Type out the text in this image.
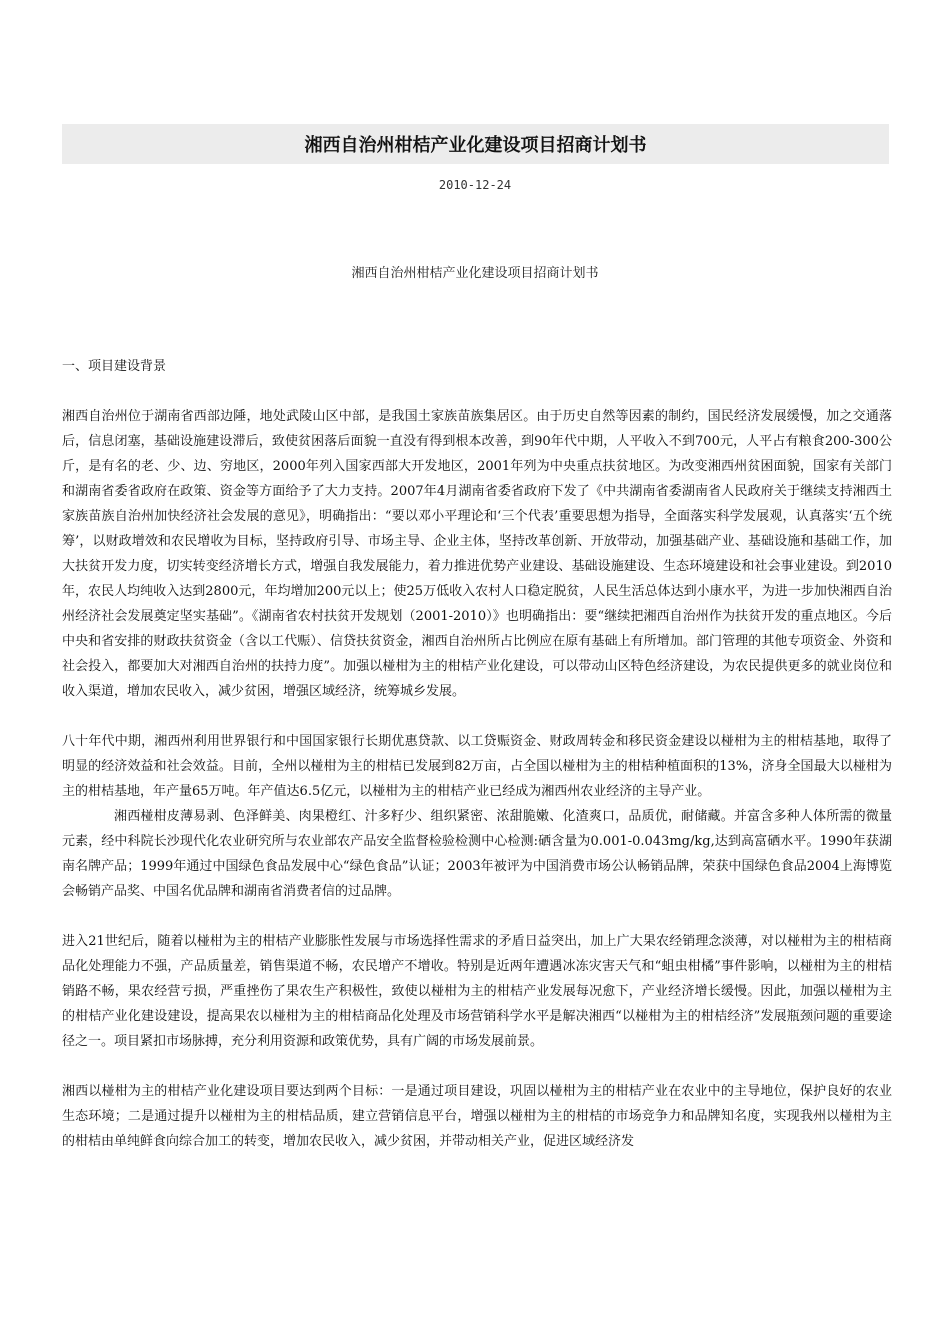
湘西自治州柑桔产业化建设项目招商计划书
2010-12-24
湘西自治州柑桔产业化建设项目招商计划书

一、项目建设背景

湘西自治州位于湖南省西部边陲，地处武陵山区中部，是我国土家族苗族集居区。由于历史自然等因素的制约，国民经济发展缓慢，加之交通落后，信息闭塞，基础设施建设滞后，致使贫困落后面貌一直没有得到根本改善，到90年代中期，人平收入不到700元，人平占有粮食200-300公斤，是有名的老、少、边、穷地区，2000年列入国家西部大开发地区，2001年列为中央重点扶贫地区。为改变湘西州贫困面貌，国家有关部门和湖南省委省政府在政策、资金等方面给予了大力支持。2007年4月湖南省委省政府下发了《中共湖南省委湖南省人民政府关于继续支持湘西土家族苗族自治州加快经济社会发展的意见》，明确指出：“要以邓小平理论和‘三个代表’重要思想为指导，全面落实科学发展观，认真落实‘五个统筹’，以财政增效和农民增收为目标，坚持政府引导、市场主导、企业主体，坚持改革创新、开放带动，加强基础产业、基础设施和基础工作，加大扶贫开发力度，切实转变经济增长方式，增强自我发展能力，着力推进优势产业建设、基础设施建设、生态环境建设和社会事业建设。到2010年，农民人均纯收入达到2800元，年均增加200元以上；使25万低收入农村人口稳定脱贫，人民生活总体达到小康水平，为进一步加快湘西自治州经济社会发展奠定坚实基础”。《湖南省农村扶贫开发规划（2001-2010）》也明确指出：要“继续把湘西自治州作为扶贫开发的重点地区。今后中央和省安排的财政扶贫资金（含以工代赈）、信贷扶贫资金，湘西自治州所占比例应在原有基础上有所增加。部门管理的其他专项资金、外资和社会投入，都要加大对湘西自治州的扶持力度”。加强以椪柑为主的柑桔产业化建设，可以带动山区特色经济建设，为农民提供更多的就业岗位和收入渠道，增加农民收入，减少贫困，增强区域经济，统筹城乡发展。

八十年代中期，湘西州利用世界银行和中国国家银行长期优惠贷款、以工贷赈资金、财政周转金和移民资金建设以椪柑为主的柑桔基地，取得了明显的经济效益和社会效益。目前，全州以椪柑为主的柑桔已发展到82万亩，占全国以椪柑为主的柑桔种植面积的13%，济身全国最大以椪柑为主的柑桔基地，年产量65万吨。年产值达6.5亿元，以椪柑为主的柑桔产业已经成为湘西州农业经济的主导产业。

湘西椪柑皮薄易剥、色泽鲜美、肉果橙红、汁多籽少、组织紧密、浓甜脆嫩、化渣爽口，品质优，耐储藏。并富含多种人体所需的微量元素，经中科院长沙现代化农业研究所与农业部农产品安全监督检验检测中心检测:硒含量为0.001-0.043mg/kg,达到高富硒水平。1990年获湖南名牌产品；1999年通过中国绿色食品发展中心“绿色食品”认证；2003年被评为中国消费市场公认畅销品牌，荣获中国绿色食品2004上海博览会畅销产品奖、中国名优品牌和湖南省消费者信的过品牌。

进入21世纪后，随着以椪柑为主的柑桔产业膨胀性发展与市场选择性需求的矛盾日益突出，加上广大果农经销理念淡薄，对以椪柑为主的柑桔商品化处理能力不强，产品质量差，销售渠道不畅，农民增产不增收。特别是近两年遭遇冰冻灾害天气和“蛆虫柑橘”事件影响，以椪柑为主的柑桔销路不畅，果农经营亏损，严重挫伤了果农生产积极性，致使以椪柑为主的柑桔产业发展每况愈下，产业经济增长缓慢。因此，加强以椪柑为主的柑桔产业化建设建设，提高果农以椪柑为主的柑桔商品化处理及市场营销科学水平是解决湘西“以椪柑为主的柑桔经济”发展瓶颈问题的重要途径之一。项目紧扣市场脉搏，充分利用资源和政策优势，具有广阔的市场发展前景。

湘西以椪柑为主的柑桔产业化建设项目要达到两个目标：一是通过项目建设，巩固以椪柑为主的柑桔产业在农业中的主导地位，保护良好的农业生态环境；二是通过提升以椪柑为主的柑桔品质，建立营销信息平台，增强以椪柑为主的柑桔的市场竞争力和品牌知名度，实现我州以椪柑为主的柑桔由单纯鲜食向综合加工的转变，增加农民收入，减少贫困，并带动相关产业，促进区域经济发
